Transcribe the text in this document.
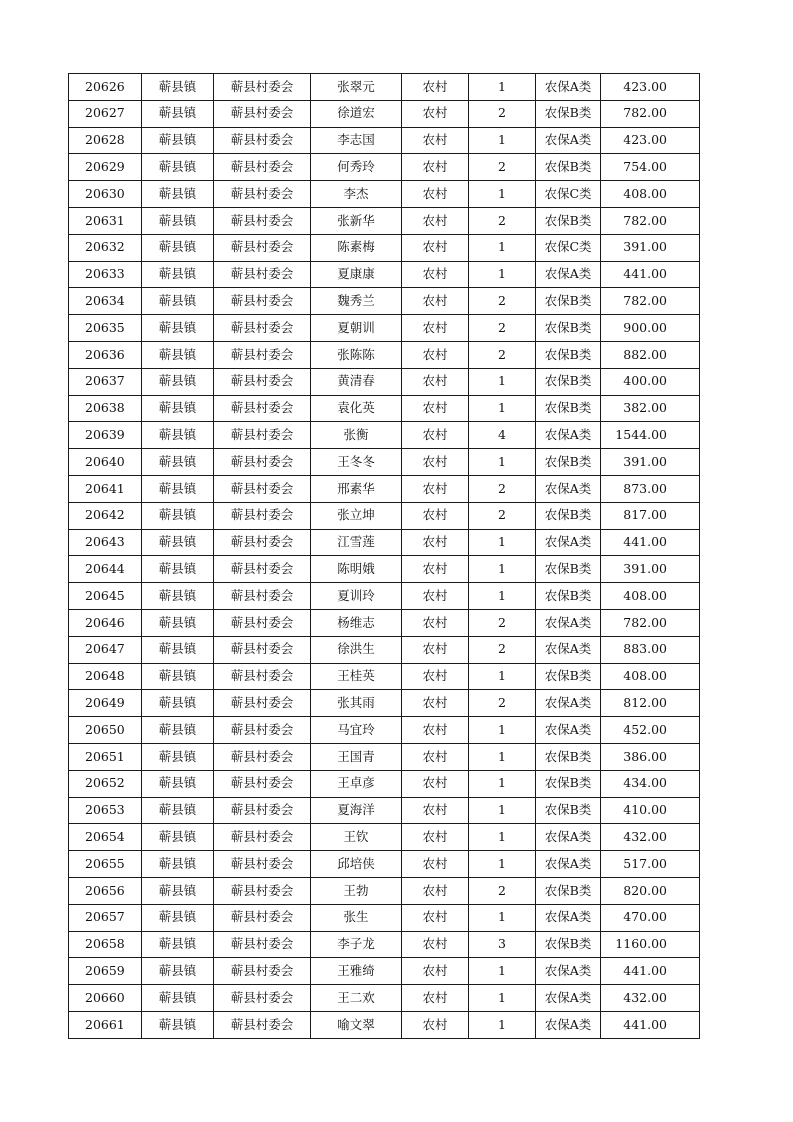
20626	蕲县镇	蕲县村委会	张翠元	农村	1	农保A类	423.00
20627	蕲县镇	蕲县村委会	徐道宏	农村	2	农保B类	782.00
20628	蕲县镇	蕲县村委会	李志国	农村	1	农保A类	423.00
20629	蕲县镇	蕲县村委会	何秀玲	农村	2	农保B类	754.00
20630	蕲县镇	蕲县村委会	李杰	农村	1	农保C类	408.00
20631	蕲县镇	蕲县村委会	张新华	农村	2	农保B类	782.00
20632	蕲县镇	蕲县村委会	陈素梅	农村	1	农保C类	391.00
20633	蕲县镇	蕲县村委会	夏康康	农村	1	农保A类	441.00
20634	蕲县镇	蕲县村委会	魏秀兰	农村	2	农保B类	782.00
20635	蕲县镇	蕲县村委会	夏朝训	农村	2	农保B类	900.00
20636	蕲县镇	蕲县村委会	张陈陈	农村	2	农保B类	882.00
20637	蕲县镇	蕲县村委会	黄清春	农村	1	农保B类	400.00
20638	蕲县镇	蕲县村委会	袁化英	农村	1	农保B类	382.00
20639	蕲县镇	蕲县村委会	张衡	农村	4	农保A类	1544.00
20640	蕲县镇	蕲县村委会	王冬冬	农村	1	农保B类	391.00
20641	蕲县镇	蕲县村委会	邢素华	农村	2	农保A类	873.00
20642	蕲县镇	蕲县村委会	张立坤	农村	2	农保B类	817.00
20643	蕲县镇	蕲县村委会	江雪莲	农村	1	农保A类	441.00
20644	蕲县镇	蕲县村委会	陈明娥	农村	1	农保B类	391.00
20645	蕲县镇	蕲县村委会	夏训玲	农村	1	农保B类	408.00
20646	蕲县镇	蕲县村委会	杨维志	农村	2	农保A类	782.00
20647	蕲县镇	蕲县村委会	徐洪生	农村	2	农保A类	883.00
20648	蕲县镇	蕲县村委会	王桂英	农村	1	农保B类	408.00
20649	蕲县镇	蕲县村委会	张其雨	农村	2	农保A类	812.00
20650	蕲县镇	蕲县村委会	马宜玲	农村	1	农保A类	452.00
20651	蕲县镇	蕲县村委会	王国青	农村	1	农保B类	386.00
20652	蕲县镇	蕲县村委会	王卓彦	农村	1	农保B类	434.00
20653	蕲县镇	蕲县村委会	夏海洋	农村	1	农保B类	410.00
20654	蕲县镇	蕲县村委会	王钦	农村	1	农保A类	432.00
20655	蕲县镇	蕲县村委会	邱培侠	农村	1	农保A类	517.00
20656	蕲县镇	蕲县村委会	王勃	农村	2	农保B类	820.00
20657	蕲县镇	蕲县村委会	张生	农村	1	农保A类	470.00
20658	蕲县镇	蕲县村委会	李子龙	农村	3	农保B类	1160.00
20659	蕲县镇	蕲县村委会	王雅绮	农村	1	农保A类	441.00
20660	蕲县镇	蕲县村委会	王二欢	农村	1	农保A类	432.00
20661	蕲县镇	蕲县村委会	喻文翠	农村	1	农保A类	441.00
